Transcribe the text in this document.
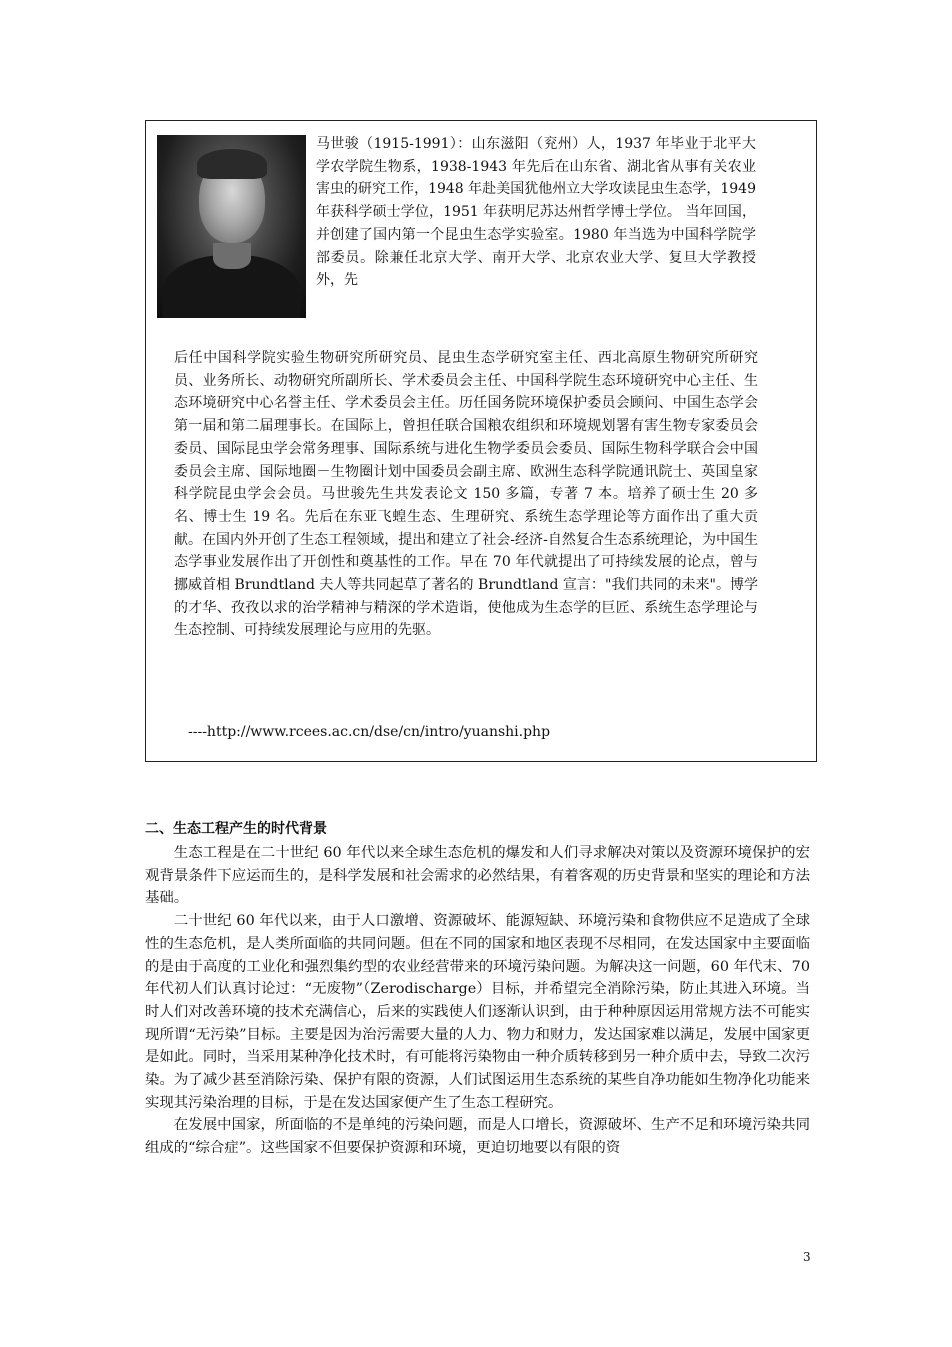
马世骏（1915-1991）：山东滋阳（兖州）人，1937 年毕业于北平大学农学院生物系，1938-1943 年先后在山东省、湖北省从事有关农业害虫的研究工作，1948 年赴美国犹他州立大学攻读昆虫生态学，1949 年获科学硕士学位，1951 年获明尼苏达州哲学博士学位。 当年回国，并创建了国内第一个昆虫生态学实验室。1980 年当选为中国科学院学部委员。除兼任北京大学、南开大学、北京农业大学、复旦大学教授外，先

后任中国科学院实验生物研究所研究员、昆虫生态学研究室主任、西北高原生物研究所研究员、业务所长、动物研究所副所长、学术委员会主任、中国科学院生态环境研究中心主任、生态环境研究中心名誉主任、学术委员会主任。历任国务院环境保护委员会顾问、中国生态学会第一届和第二届理事长。在国际上，曾担任联合国粮农组织和环境规划署有害生物专家委员会委员、国际昆虫学会常务理事、国际系统与进化生物学委员会委员、国际生物科学联合会中国委员会主席、国际地圈－生物圈计划中国委员会副主席、欧洲生态科学院通讯院士、英国皇家科学院昆虫学会会员。马世骏先生共发表论文 150 多篇，专著 7 本。培养了硕士生 20 多名、博士生 19 名。先后在东亚飞蝗生态、生理研究、系统生态学理论等方面作出了重大贡献。在国内外开创了生态工程领域，提出和建立了社会-经济-自然复合生态系统理论，为中国生态学事业发展作出了开创性和奠基性的工作。早在 70 年代就提出了可持续发展的论点，曾与挪威首相 Brundtland 夫人等共同起草了著名的 Brundtland 宣言："我们共同的未来"。博学的才华、孜孜以求的治学精神与精深的学术造诣，使他成为生态学的巨匠、系统生态学理论与生态控制、可持续发展理论与应用的先驱。

----http://www.rcees.ac.cn/dse/cn/intro/yuanshi.php

二、生态工程产生的时代背景

生态工程是在二十世纪 60 年代以来全球生态危机的爆发和人们寻求解决对策以及资源环境保护的宏观背景条件下应运而生的，是科学发展和社会需求的必然结果，有着客观的历史背景和坚实的理论和方法基础。

二十世纪 60 年代以来，由于人口激增、资源破坏、能源短缺、环境污染和食物供应不足造成了全球性的生态危机，是人类所面临的共同问题。但在不同的国家和地区表现不尽相同，在发达国家中主要面临的是由于高度的工业化和强烈集约型的农业经营带来的环境污染问题。为解决这一问题，60 年代末、70 年代初人们认真讨论过：“无废物”（Zerodischarge）目标，并希望完全消除污染，防止其进入环境。当时人们对改善环境的技术充满信心，后来的实践使人们逐渐认识到，由于种种原因运用常规方法不可能实现所谓“无污染”目标。主要是因为治污需要大量的人力、物力和财力，发达国家难以满足，发展中国家更是如此。同时，当采用某种净化技术时，有可能将污染物由一种介质转移到另一种介质中去，导致二次污染。为了减少甚至消除污染、保护有限的资源，人们试图运用生态系统的某些自净功能如生物净化功能来实现其污染治理的目标，于是在发达国家便产生了生态工程研究。

在发展中国家，所面临的不是单纯的污染问题，而是人口增长，资源破坏、生产不足和环境污染共同组成的“综合症”。这些国家不但要保护资源和环境，更迫切地要以有限的资

3
